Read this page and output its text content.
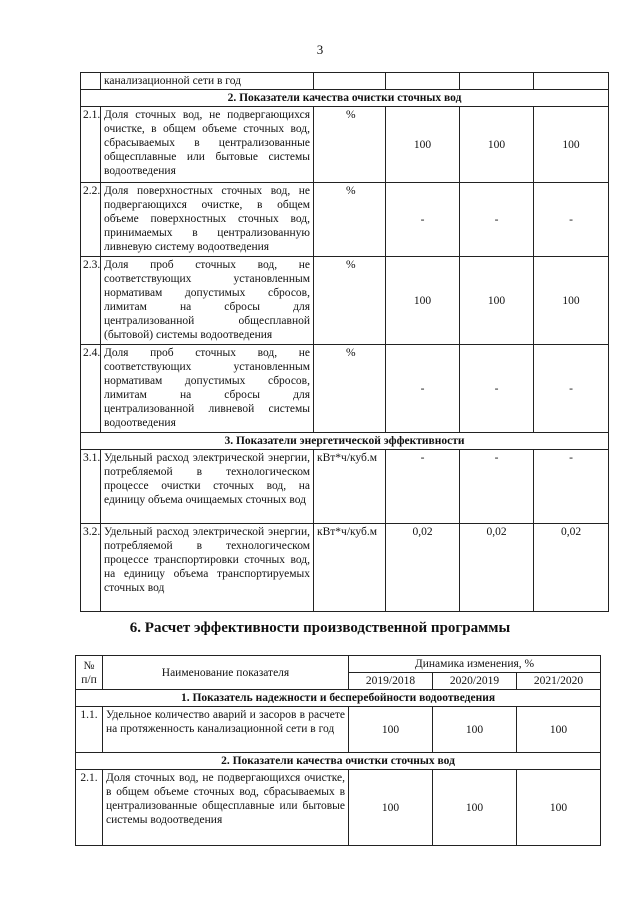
3
	канализационной сети в год				
2. Показатели качества очистки сточных вод					
2.1.	Доля сточных вод, не подвергающихся очистке, в общем объеме сточных вод, сбрасываемых в централизованные общесплавные или бытовые системы водоотведения	%	100	100	100
2.2.	Доля поверхностных сточных вод, не подвергающихся очистке, в общем объеме поверхностных сточных вод, принимаемых в централизованную ливневую систему водоотведения	%	-	-	-
2.3.	Доля проб сточных вод, не соответствующих установленным нормативам допустимых сбросов, лимитам на сбросы для централизованной общесплавной (бытовой) системы водоотведения	%	100	100	100
2.4.	Доля проб сточных вод, не соответствующих установленным нормативам допустимых сбросов, лимитам на сбросы для централизованной ливневой системы водоотведения	%	-	-	-
3. Показатели энергетической эффективности					
3.1.	Удельный расход электрической энергии, потребляемой в технологическом процессе очистки сточных вод, на единицу объема очищаемых сточных вод	кВт*ч/куб.м	-	-	-
3.2.	Удельный расход электрической энергии, потребляемой в технологическом процессе транспортировки сточных вод, на единицу объема транспортируемых сточных вод	кВт*ч/куб.м	0,02	0,02	0,02
6. Расчет эффективности производственной программы
№ п/п	Наименование показателя	Динамика изменения, %		
		2019/2018	2020/2019	2021/2020
1. Показатель надежности и бесперебойности водоотведения				
1.1.	Удельное количество аварий и засоров в расчете на протяженность канализационной сети в год	100	100	100
2. Показатели качества очистки сточных вод				
2.1.	Доля сточных вод, не подвергающихся очистке, в общем объеме сточных вод, сбрасываемых в централизованные общесплавные или бытовые системы водоотведения	100	100	100
